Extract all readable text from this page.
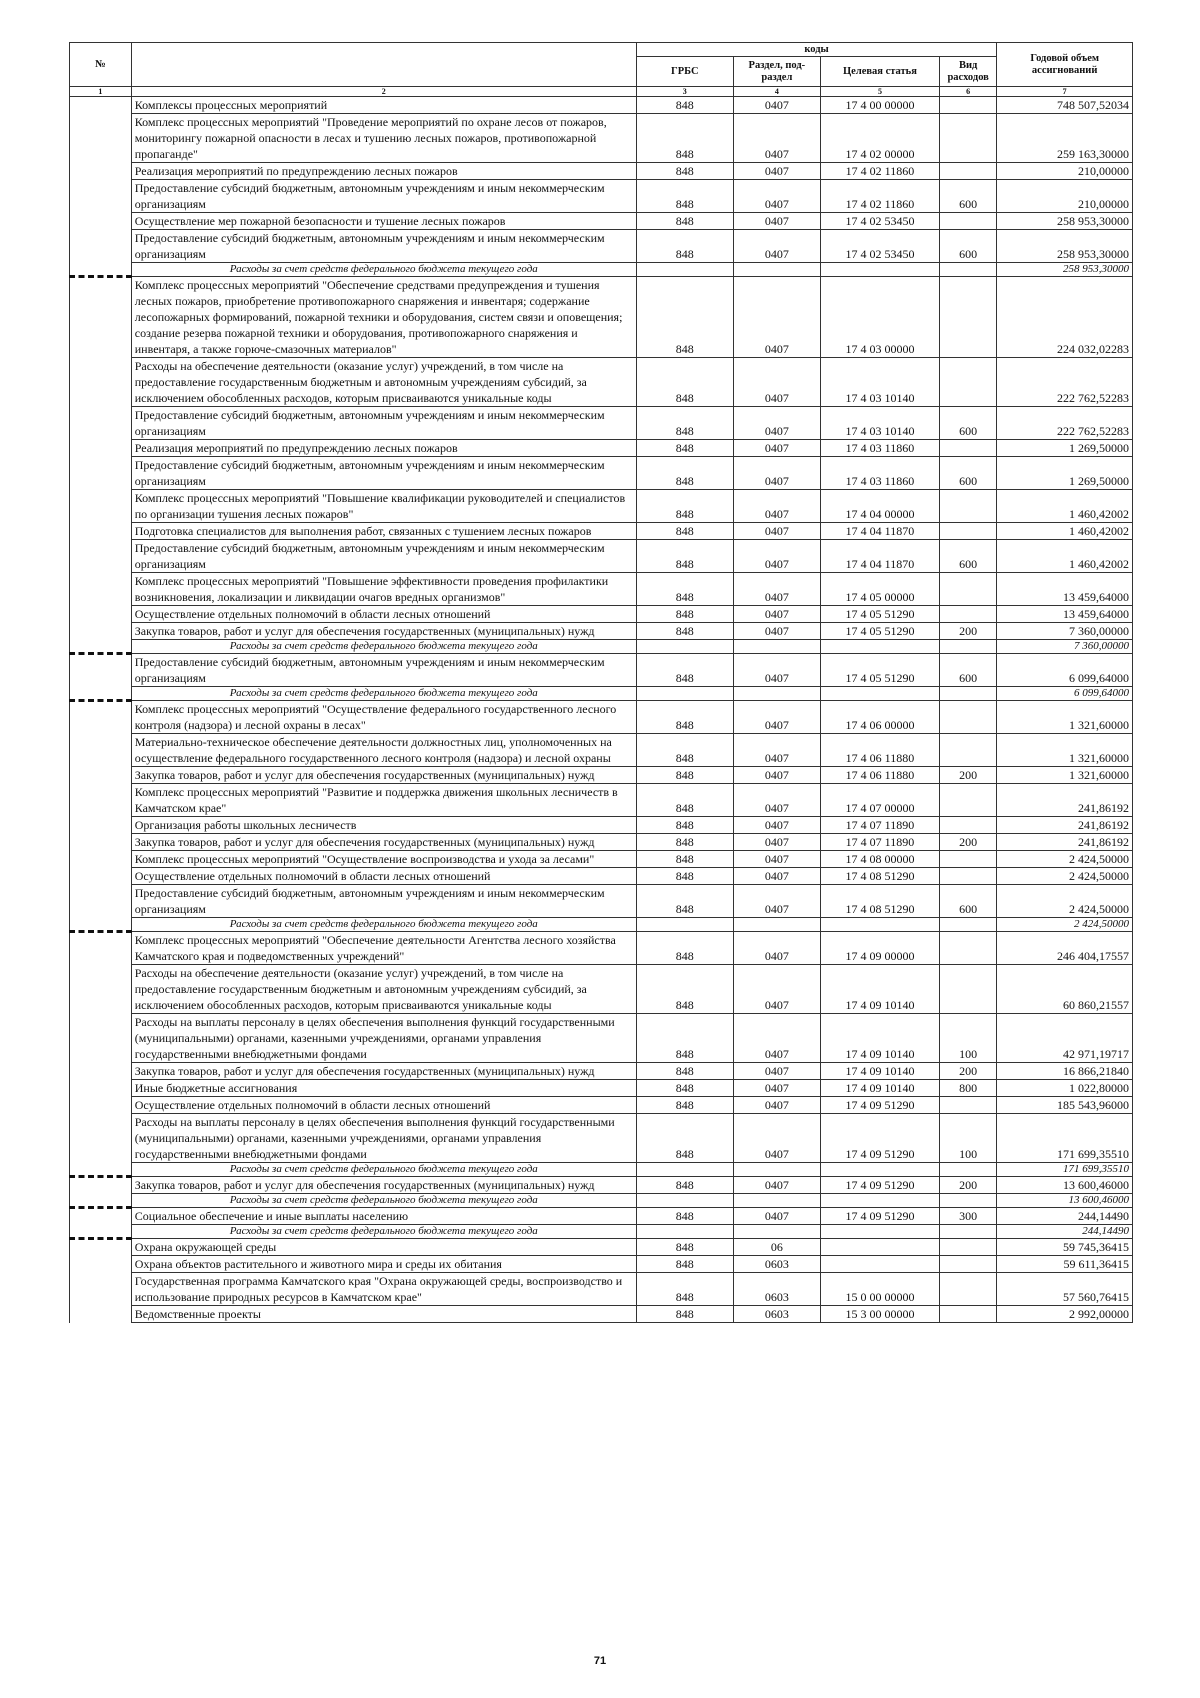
№		коды				Годовой объем ассигнований
		ГРБС	Раздел, под-раздел	Целевая статья	Вид расходов	
1	2	3	4	5	6	7
	Комплексы процессных мероприятий	848	0407	17 4 00 00000		748 507,52034
	Комплекс процессных мероприятий "Проведение мероприятий по охране лесов от пожаров, мониторингу пожарной опасности в лесах и тушению лесных пожаров, противопожарной пропаганде"	848	0407	17 4 02 00000		259 163,30000
	Реализация мероприятий по предупреждению лесных пожаров	848	0407	17 4 02 11860		210,00000
	Предоставление субсидий бюджетным, автономным учреждениям и иным некоммерческим организациям	848	0407	17 4 02 11860	600	210,00000
	Осуществление мер пожарной безопасности и тушение лесных пожаров	848	0407	17 4 02 53450		258 953,30000
	Предоставление субсидий бюджетным, автономным учреждениям и иным некоммерческим организациям	848	0407	17 4 02 53450	600	258 953,30000
	Расходы за счет средств федерального бюджета текущего года					258 953,30000
	Комплекс процессных мероприятий "Обеспечение средствами предупреждения и тушения лесных пожаров, приобретение противопожарного снаряжения и инвентаря; содержание лесопожарных формирований, пожарной техники и оборудования, систем связи и оповещения; создание резерва пожарной техники и оборудования, противопожарного снаряжения и инвентаря, а также горюче-смазочных материалов"	848	0407	17 4 03 00000		224 032,02283
	Расходы на обеспечение деятельности (оказание услуг) учреждений, в том числе на предоставление государственным бюджетным и автономным учреждениям субсидий, за исключением обособленных расходов, которым присваиваются уникальные коды	848	0407	17 4 03 10140		222 762,52283
	Предоставление субсидий бюджетным, автономным учреждениям и иным некоммерческим организациям	848	0407	17 4 03 10140	600	222 762,52283
	Реализация мероприятий по предупреждению лесных пожаров	848	0407	17 4 03 11860		1 269,50000
	Предоставление субсидий бюджетным, автономным учреждениям и иным некоммерческим организациям	848	0407	17 4 03 11860	600	1 269,50000
	Комплекс процессных мероприятий "Повышение квалификации руководителей и специалистов по организации тушения лесных пожаров"	848	0407	17 4 04 00000		1 460,42002
	Подготовка специалистов для выполнения работ, связанных с тушением лесных пожаров	848	0407	17 4 04 11870		1 460,42002
	Предоставление субсидий бюджетным, автономным учреждениям и иным некоммерческим организациям	848	0407	17 4 04 11870	600	1 460,42002
	Комплекс процессных мероприятий "Повышение эффективности проведения профилактики возникновения, локализации и ликвидации очагов вредных организмов"	848	0407	17 4 05 00000		13 459,64000
	Осуществление отдельных полномочий в области лесных отношений	848	0407	17 4 05 51290		13 459,64000
	Закупка товаров, работ и услуг для обеспечения государственных (муниципальных) нужд	848	0407	17 4 05 51290	200	7 360,00000
	Расходы за счет средств федерального бюджета текущего года					7 360,00000
	Предоставление субсидий бюджетным, автономным учреждениям и иным некоммерческим организациям	848	0407	17 4 05 51290	600	6 099,64000
	Расходы за счет средств федерального бюджета текущего года					6 099,64000
	Комплекс процессных мероприятий "Осуществление федерального государственного лесного контроля (надзора) и лесной охраны в лесах"	848	0407	17 4 06 00000		1 321,60000
	Материально-техническое обеспечение деятельности должностных лиц, уполномоченных на осуществление федерального государственного лесного контроля (надзора) и лесной охраны	848	0407	17 4 06 11880		1 321,60000
	Закупка товаров, работ и услуг для обеспечения государственных (муниципальных) нужд	848	0407	17 4 06 11880	200	1 321,60000
	Комплекс процессных мероприятий "Развитие и поддержка движения школьных лесничеств в Камчатском крае"	848	0407	17 4 07 00000		241,86192
	Организация работы школьных лесничеств	848	0407	17 4 07 11890		241,86192
	Закупка товаров, работ и услуг для обеспечения государственных (муниципальных) нужд	848	0407	17 4 07 11890	200	241,86192
	Комплекс процессных мероприятий "Осуществление воспроизводства и ухода за лесами"	848	0407	17 4 08 00000		2 424,50000
	Осуществление отдельных полномочий в области лесных отношений	848	0407	17 4 08 51290		2 424,50000
	Предоставление субсидий бюджетным, автономным учреждениям и иным некоммерческим организациям	848	0407	17 4 08 51290	600	2 424,50000
	Расходы за счет средств федерального бюджета текущего года					2 424,50000
	Комплекс процессных мероприятий "Обеспечение деятельности Агентства лесного хозяйства Камчатского края и подведомственных учреждений"	848	0407	17 4 09 00000		246 404,17557
	Расходы на обеспечение деятельности (оказание услуг) учреждений, в том числе на предоставление государственным бюджетным и автономным учреждениям субсидий, за исключением обособленных расходов, которым присваиваются уникальные коды	848	0407	17 4 09 10140		60 860,21557
	Расходы на выплаты персоналу в целях обеспечения выполнения функций государственными (муниципальными) органами, казенными учреждениями, органами управления государственными внебюджетными фондами	848	0407	17 4 09 10140	100	42 971,19717
	Закупка товаров, работ и услуг для обеспечения государственных (муниципальных) нужд	848	0407	17 4 09 10140	200	16 866,21840
	Иные бюджетные ассигнования	848	0407	17 4 09 10140	800	1 022,80000
	Осуществление отдельных полномочий в области лесных отношений	848	0407	17 4 09 51290		185 543,96000
	Расходы на выплаты персоналу в целях обеспечения выполнения функций государственными (муниципальными) органами, казенными учреждениями, органами управления государственными внебюджетными фондами	848	0407	17 4 09 51290	100	171 699,35510
	Расходы за счет средств федерального бюджета текущего года					171 699,35510
	Закупка товаров, работ и услуг для обеспечения государственных (муниципальных) нужд	848	0407	17 4 09 51290	200	13 600,46000
	Расходы за счет средств федерального бюджета текущего года					13 600,46000
	Социальное обеспечение и иные выплаты населению	848	0407	17 4 09 51290	300	244,14490
	Расходы за счет средств федерального бюджета текущего года					244,14490
	Охрана окружающей среды	848	06			59 745,36415
	Охрана объектов растительного и животного мира и среды их обитания	848	0603			59 611,36415
	Государственная программа Камчатского края "Охрана окружающей среды, воспроизводство и использование природных ресурсов в Камчатском крае"	848	0603	15 0 00 00000		57 560,76415
	Ведомственные проекты	848	0603	15 3 00 00000		2 992,00000
71
